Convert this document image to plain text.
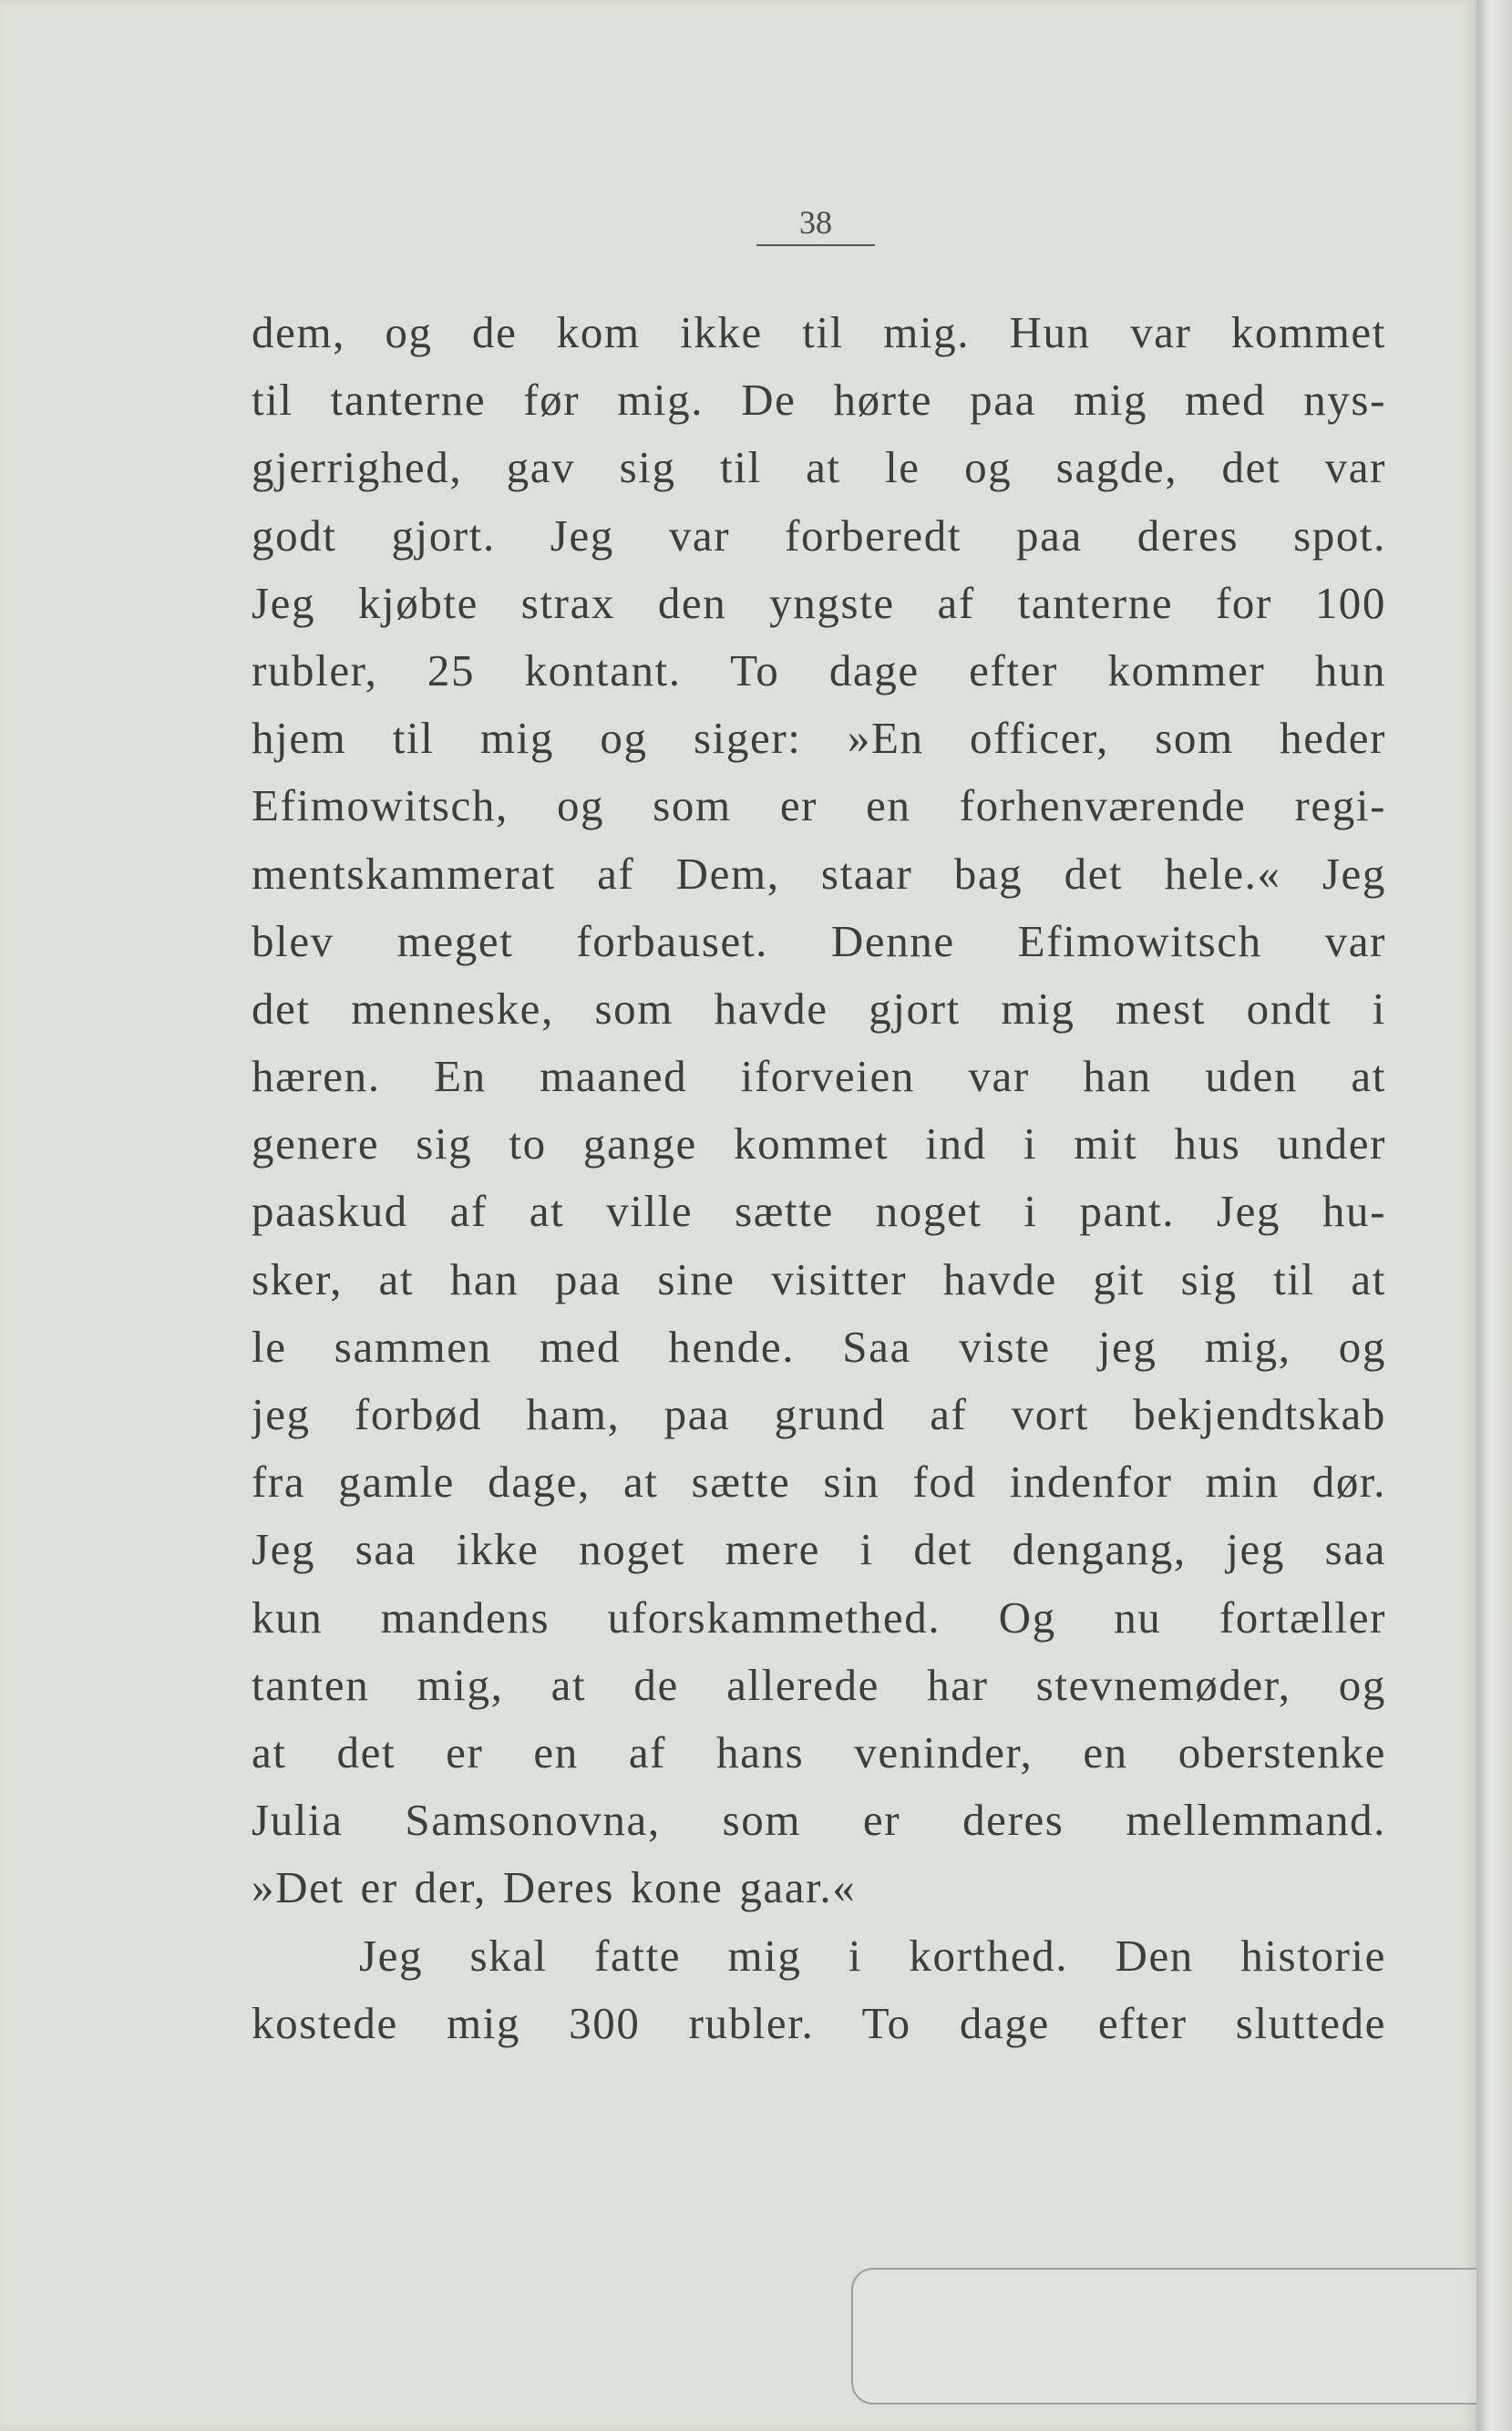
38
dem, og de kom ikke til mig. Hun var kommet
til tanterne før mig. De hørte paa mig med nys-
gjerrighed, gav sig til at le og sagde, det var
godt gjort. Jeg var forberedt paa deres spot.
Jeg kjøbte strax den yngste af tanterne for 100
rubler, 25 kontant. To dage efter kommer hun
hjem til mig og siger: »En officer, som heder
Efimowitsch, og som er en forhenværende regi-
mentskammerat af Dem, staar bag det hele.« Jeg
blev meget forbauset. Denne Efimowitsch var
det menneske, som havde gjort mig mest ondt i
hæren. En maaned iforveien var han uden at
genere sig to gange kommet ind i mit hus under
paaskud af at ville sætte noget i pant. Jeg hu-
sker, at han paa sine visitter havde git sig til at
le sammen med hende. Saa viste jeg mig, og
jeg forbød ham, paa grund af vort bekjendtskab
fra gamle dage, at sætte sin fod indenfor min dør.
Jeg saa ikke noget mere i det dengang, jeg saa
kun mandens uforskammethed. Og nu fortæller
tanten mig, at de allerede har stevnemøder, og
at det er en af hans veninder, en oberstenke
Julia Samsonovna, som er deres mellemmand.
»Det er der, Deres kone gaar.«
Jeg skal fatte mig i korthed. Den historie
kostede mig 300 rubler. To dage efter sluttede
